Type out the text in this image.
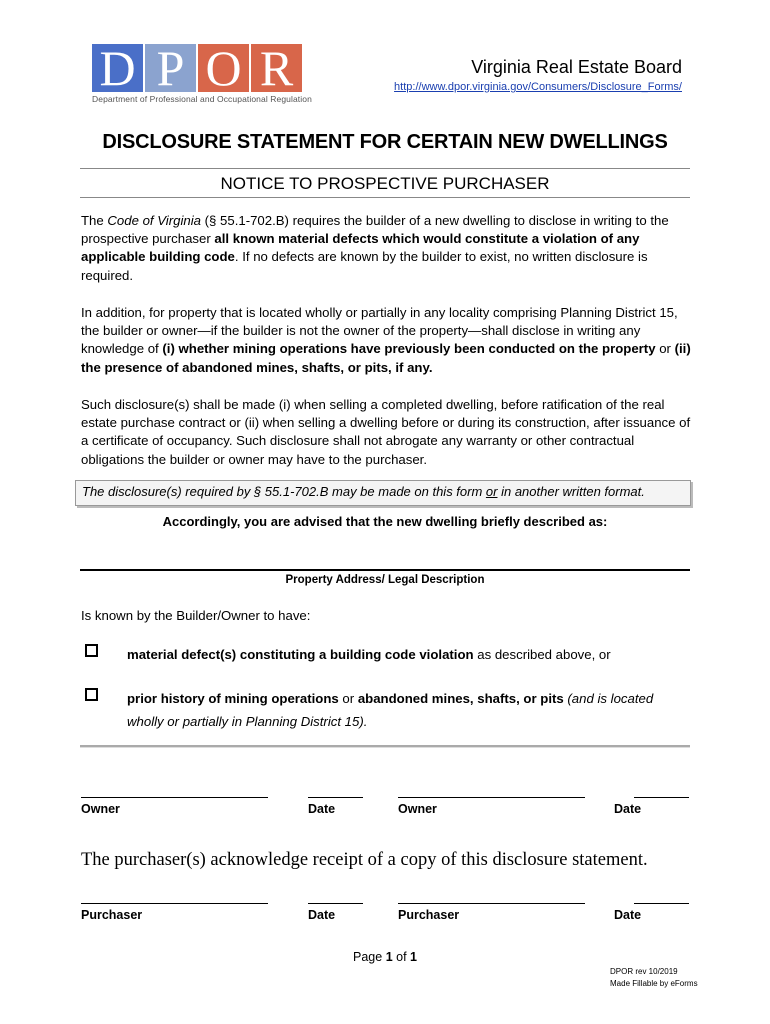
D P O R
Department of Professional and Occupational Regulation
Virginia Real Estate Board
http://www.dpor.virginia.gov/Consumers/Disclosure_Forms/
DISCLOSURE STATEMENT FOR CERTAIN NEW DWELLINGS
NOTICE TO PROSPECTIVE PURCHASER
The Code of Virginia (§ 55.1-702.B) requires the builder of a new dwelling to disclose in writing to the prospective purchaser all known material defects which would constitute a violation of any applicable building code. If no defects are known by the builder to exist, no written disclosure is required.
In addition, for property that is located wholly or partially in any locality comprising Planning District 15, the builder or owner—if the builder is not the owner of the property—shall disclose in writing any knowledge of (i) whether mining operations have previously been conducted on the property or (ii) the presence of abandoned mines, shafts, or pits, if any.
Such disclosure(s) shall be made (i) when selling a completed dwelling, before ratification of the real estate purchase contract or (ii) when selling a dwelling before or during its construction, after issuance of a certificate of occupancy. Such disclosure shall not abrogate any warranty or other contractual obligations the builder or owner may have to the purchaser.
The disclosure(s) required by § 55.1-702.B may be made on this form or in another written format.
Accordingly, you are advised that the new dwelling briefly described as:
Property Address/ Legal Description
Is known by the Builder/Owner to have:
material defect(s) constituting a building code violation as described above, or
prior history of mining operations or abandoned mines, shafts, or pits (and is located wholly or partially in Planning District 15).
Owner	Date	Owner	Date
The purchaser(s) acknowledge receipt of a copy of this disclosure statement.
Purchaser	Date	Purchaser	Date
Page 1 of 1
DPOR rev 10/2019
Made Fillable by eForms
